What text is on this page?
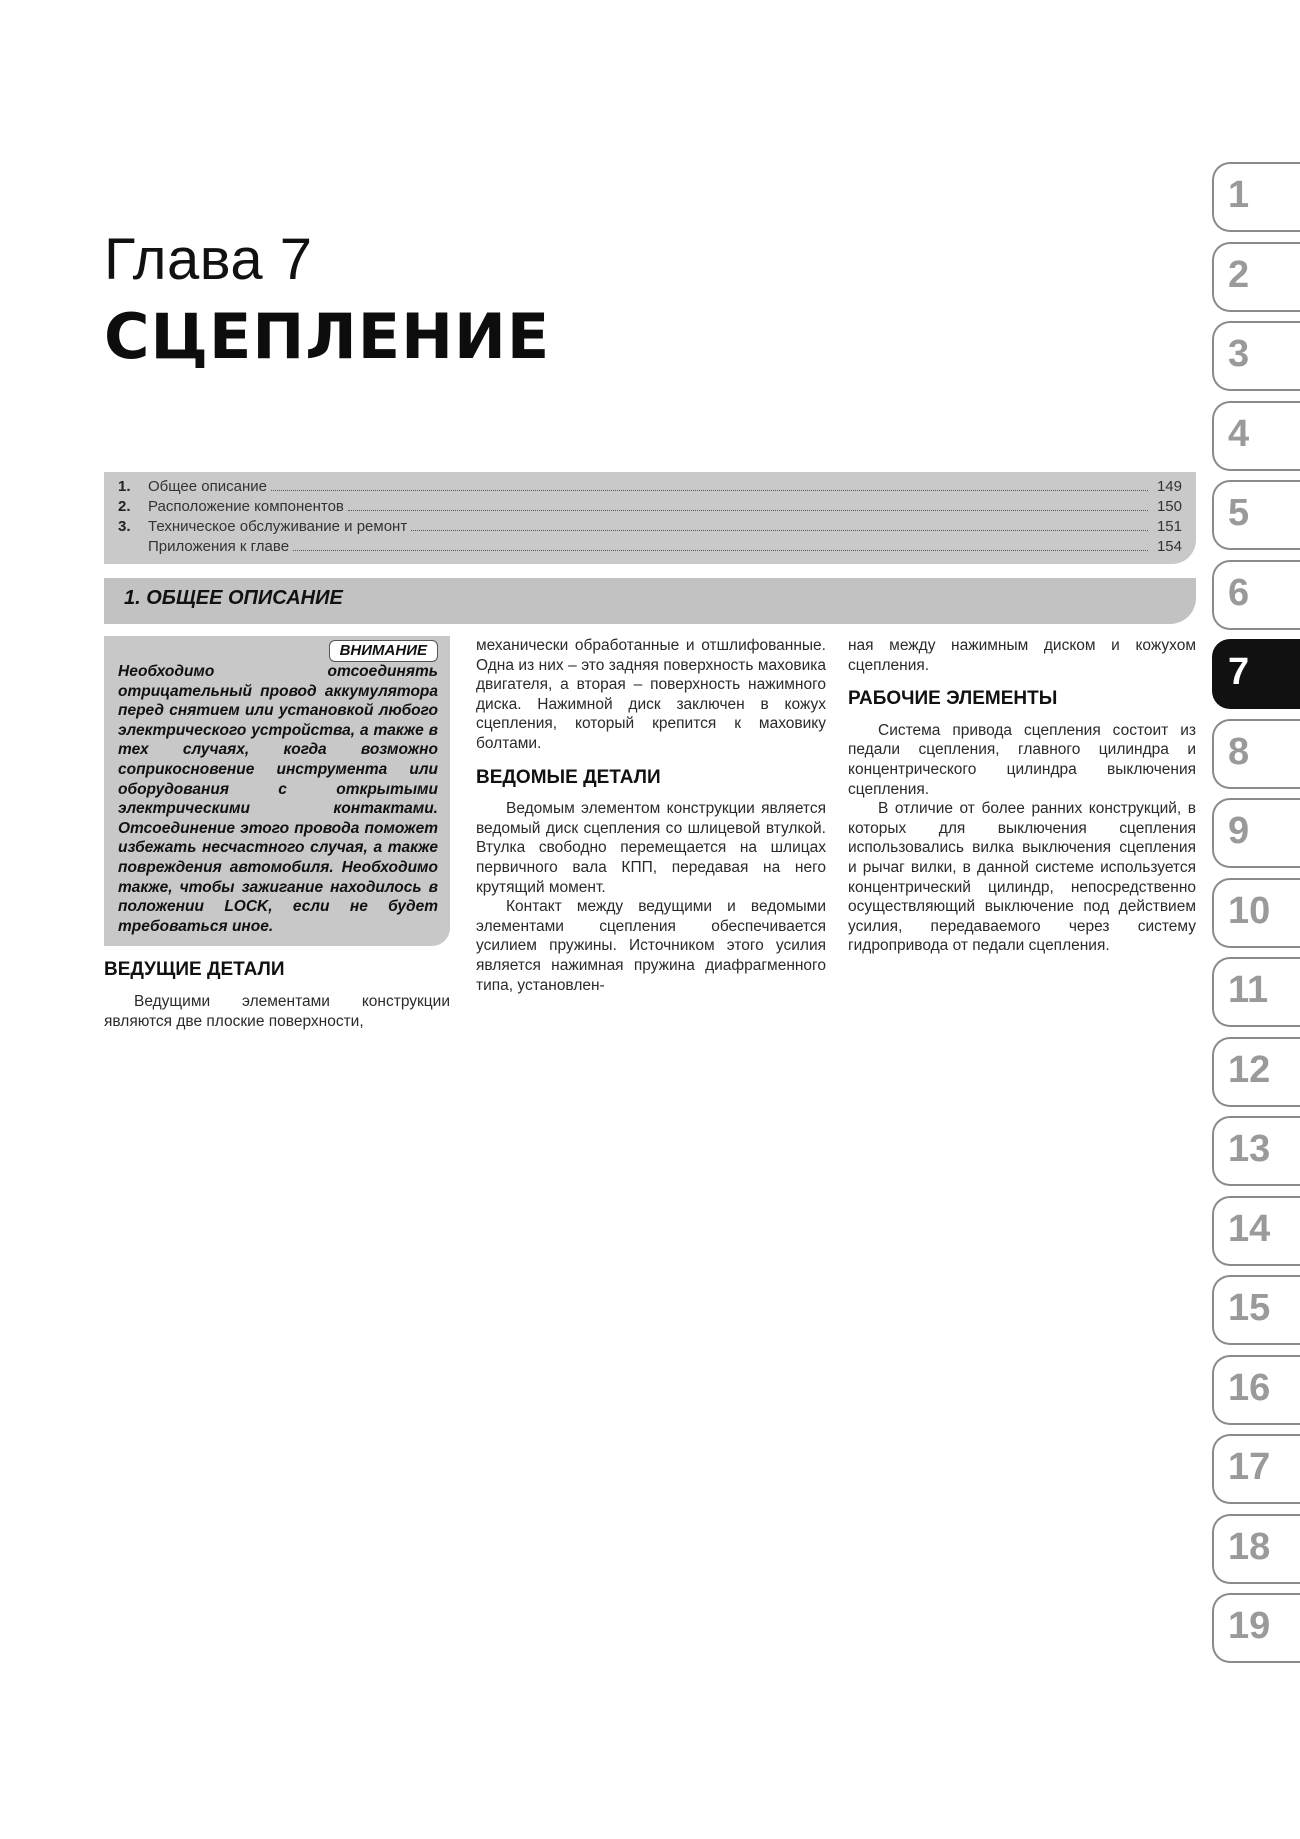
Глава 7
СЦЕПЛЕНИЕ
1.	Общее описание	149
2.	Расположение компонентов	150
3.	Техническое обслуживание и ремонт	151
Приложения к главе	154
1. ОБЩЕЕ ОПИСАНИЕ
ВНИМАНИЕ
Необходимо отсоединять отрицательный провод аккумулятора перед снятием или установкой любого электрического устройства, а также в тех случаях, когда возможно соприкосновение инструмента или оборудования с открытыми электрическими контактами. Отсоединение этого провода поможет избежать несчастного случая, а также повреждения автомобиля. Необходимо также, чтобы зажигание находилось в положении LOCK, если не будет требоваться иное.
ВЕДУЩИЕ ДЕТАЛИ

Ведущими элементами конструкции являются две плоские поверхности,

механически обработанные и отшлифованные. Одна из них – это задняя поверхность маховика двигателя, а вторая – поверхность нажимного диска. Нажимной диск заключен в кожух сцепления, который крепится к маховику болтами.

ВЕДОМЫЕ ДЕТАЛИ

Ведомым элементом конструкции является ведомый диск сцепления со шлицевой втулкой. Втулка свободно перемещается на шлицах первичного вала КПП, передавая на него крутящий момент.

Контакт между ведущими и ведомыми элементами сцепления обеспечивается усилием пружины. Источником этого усилия является нажимная пружина диафрагменного типа, установлен-

ная между нажимным диском и кожухом сцепления.

РАБОЧИЕ ЭЛЕМЕНТЫ

Система привода сцепления состоит из педали сцепления, главного цилиндра и концентрического цилиндра выключения сцепления.

В отличие от более ранних конструкций, в которых для выключения сцепления использовались вилка выключения сцепления и рычаг вилки, в данной системе используется концентрический цилиндр, непосредственно осуществляющий выключение под действием усилия, передаваемого через систему гидропривода от педали сцепления.

1
2
3
4
5
6
7
8
9
10
11
12
13
14
15
16
17
18
19
